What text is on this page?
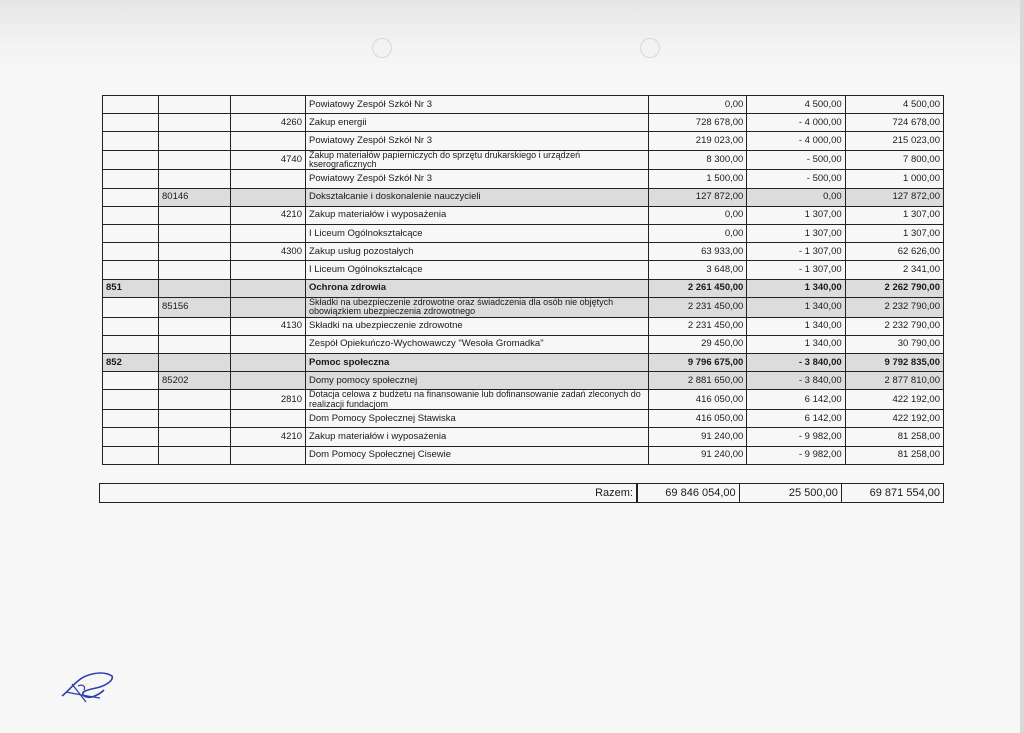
			Powiatowy Zespół Szkół Nr 3	0,00	4 500,00	4 500,00
		4260	Zakup energii	728 678,00	- 4 000,00	724 678,00
			Powiatowy Zespół Szkół Nr 3	219 023,00	- 4 000,00	215 023,00
		4740	Zakup materiałów papierniczych do sprzętu drukarskiego i urządzeń kserograficznych	8 300,00	- 500,00	7 800,00
			Powiatowy Zespół Szkół Nr 3	1 500,00	- 500,00	1 000,00
	80146		Dokształcanie i doskonalenie nauczycieli	127 872,00	0,00	127 872,00
		4210	Zakup materiałów i wyposażenia	0,00	1 307,00	1 307,00
			I Liceum Ogólnokształcące	0,00	1 307,00	1 307,00
		4300	Zakup usług pozostałych	63 933,00	- 1 307,00	62 626,00
			I Liceum Ogólnokształcące	3 648,00	- 1 307,00	2 341,00
851			Ochrona zdrowia	2 261 450,00	1 340,00	2 262 790,00
	85156		Składki na ubezpieczenie zdrowotne oraz świadczenia dla osób nie objętych obowiązkiem ubezpieczenia zdrowotnego	2 231 450,00	1 340,00	2 232 790,00
		4130	Składki na ubezpieczenie zdrowotne	2 231 450,00	1 340,00	2 232 790,00
			Zespół Opiekuńczo-Wychowawczy "Wesoła Gromadka"	29 450,00	1 340,00	30 790,00
852			Pomoc społeczna	9 796 675,00	- 3 840,00	9 792 835,00
	85202		Domy pomocy społecznej	2 881 650,00	- 3 840,00	2 877 810,00
		2810	Dotacja celowa z budżetu na finansowanie lub dofinansowanie zadań zleconych do realizacji fundacjom	416 050,00	6 142,00	422 192,00
			Dom Pomocy Społecznej Stawiska	416 050,00	6 142,00	422 192,00
		4210	Zakup materiałów i wyposażenia	91 240,00	- 9 982,00	81 258,00
			Dom Pomocy Społecznej Cisewie	91 240,00	- 9 982,00	81 258,00
Razem:	69 846 054,00	25 500,00	69 871 554,00
